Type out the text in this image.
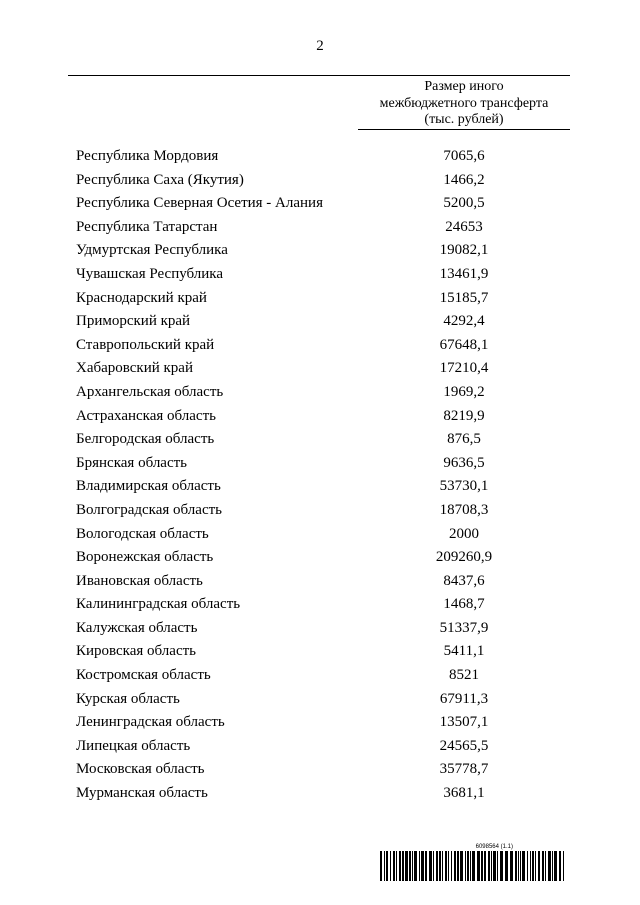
2
Размер иного
межбюджетного трансферта
(тыс. рублей)
Республика Мордовия	7065,6
Республика Саха (Якутия)	1466,2
Республика Северная Осетия - Алания	5200,5
Республика Татарстан	24653
Удмуртская Республика	19082,1
Чувашская Республика	13461,9
Краснодарский край	15185,7
Приморский край	4292,4
Ставропольский край	67648,1
Хабаровский край	17210,4
Архангельская область	1969,2
Астраханская область	8219,9
Белгородская область	876,5
Брянская область	9636,5
Владимирская область	53730,1
Волгоградская область	18708,3
Вологодская область	2000
Воронежская область	209260,9
Ивановская область	8437,6
Калининградская область	1468,7
Калужская область	51337,9
Кировская область	5411,1
Костромская область	8521
Курская область	67911,3
Ленинградская область	13507,1
Липецкая область	24565,5
Московская область	35778,7
Мурманская область	3681,1
6098564 (1.1)
